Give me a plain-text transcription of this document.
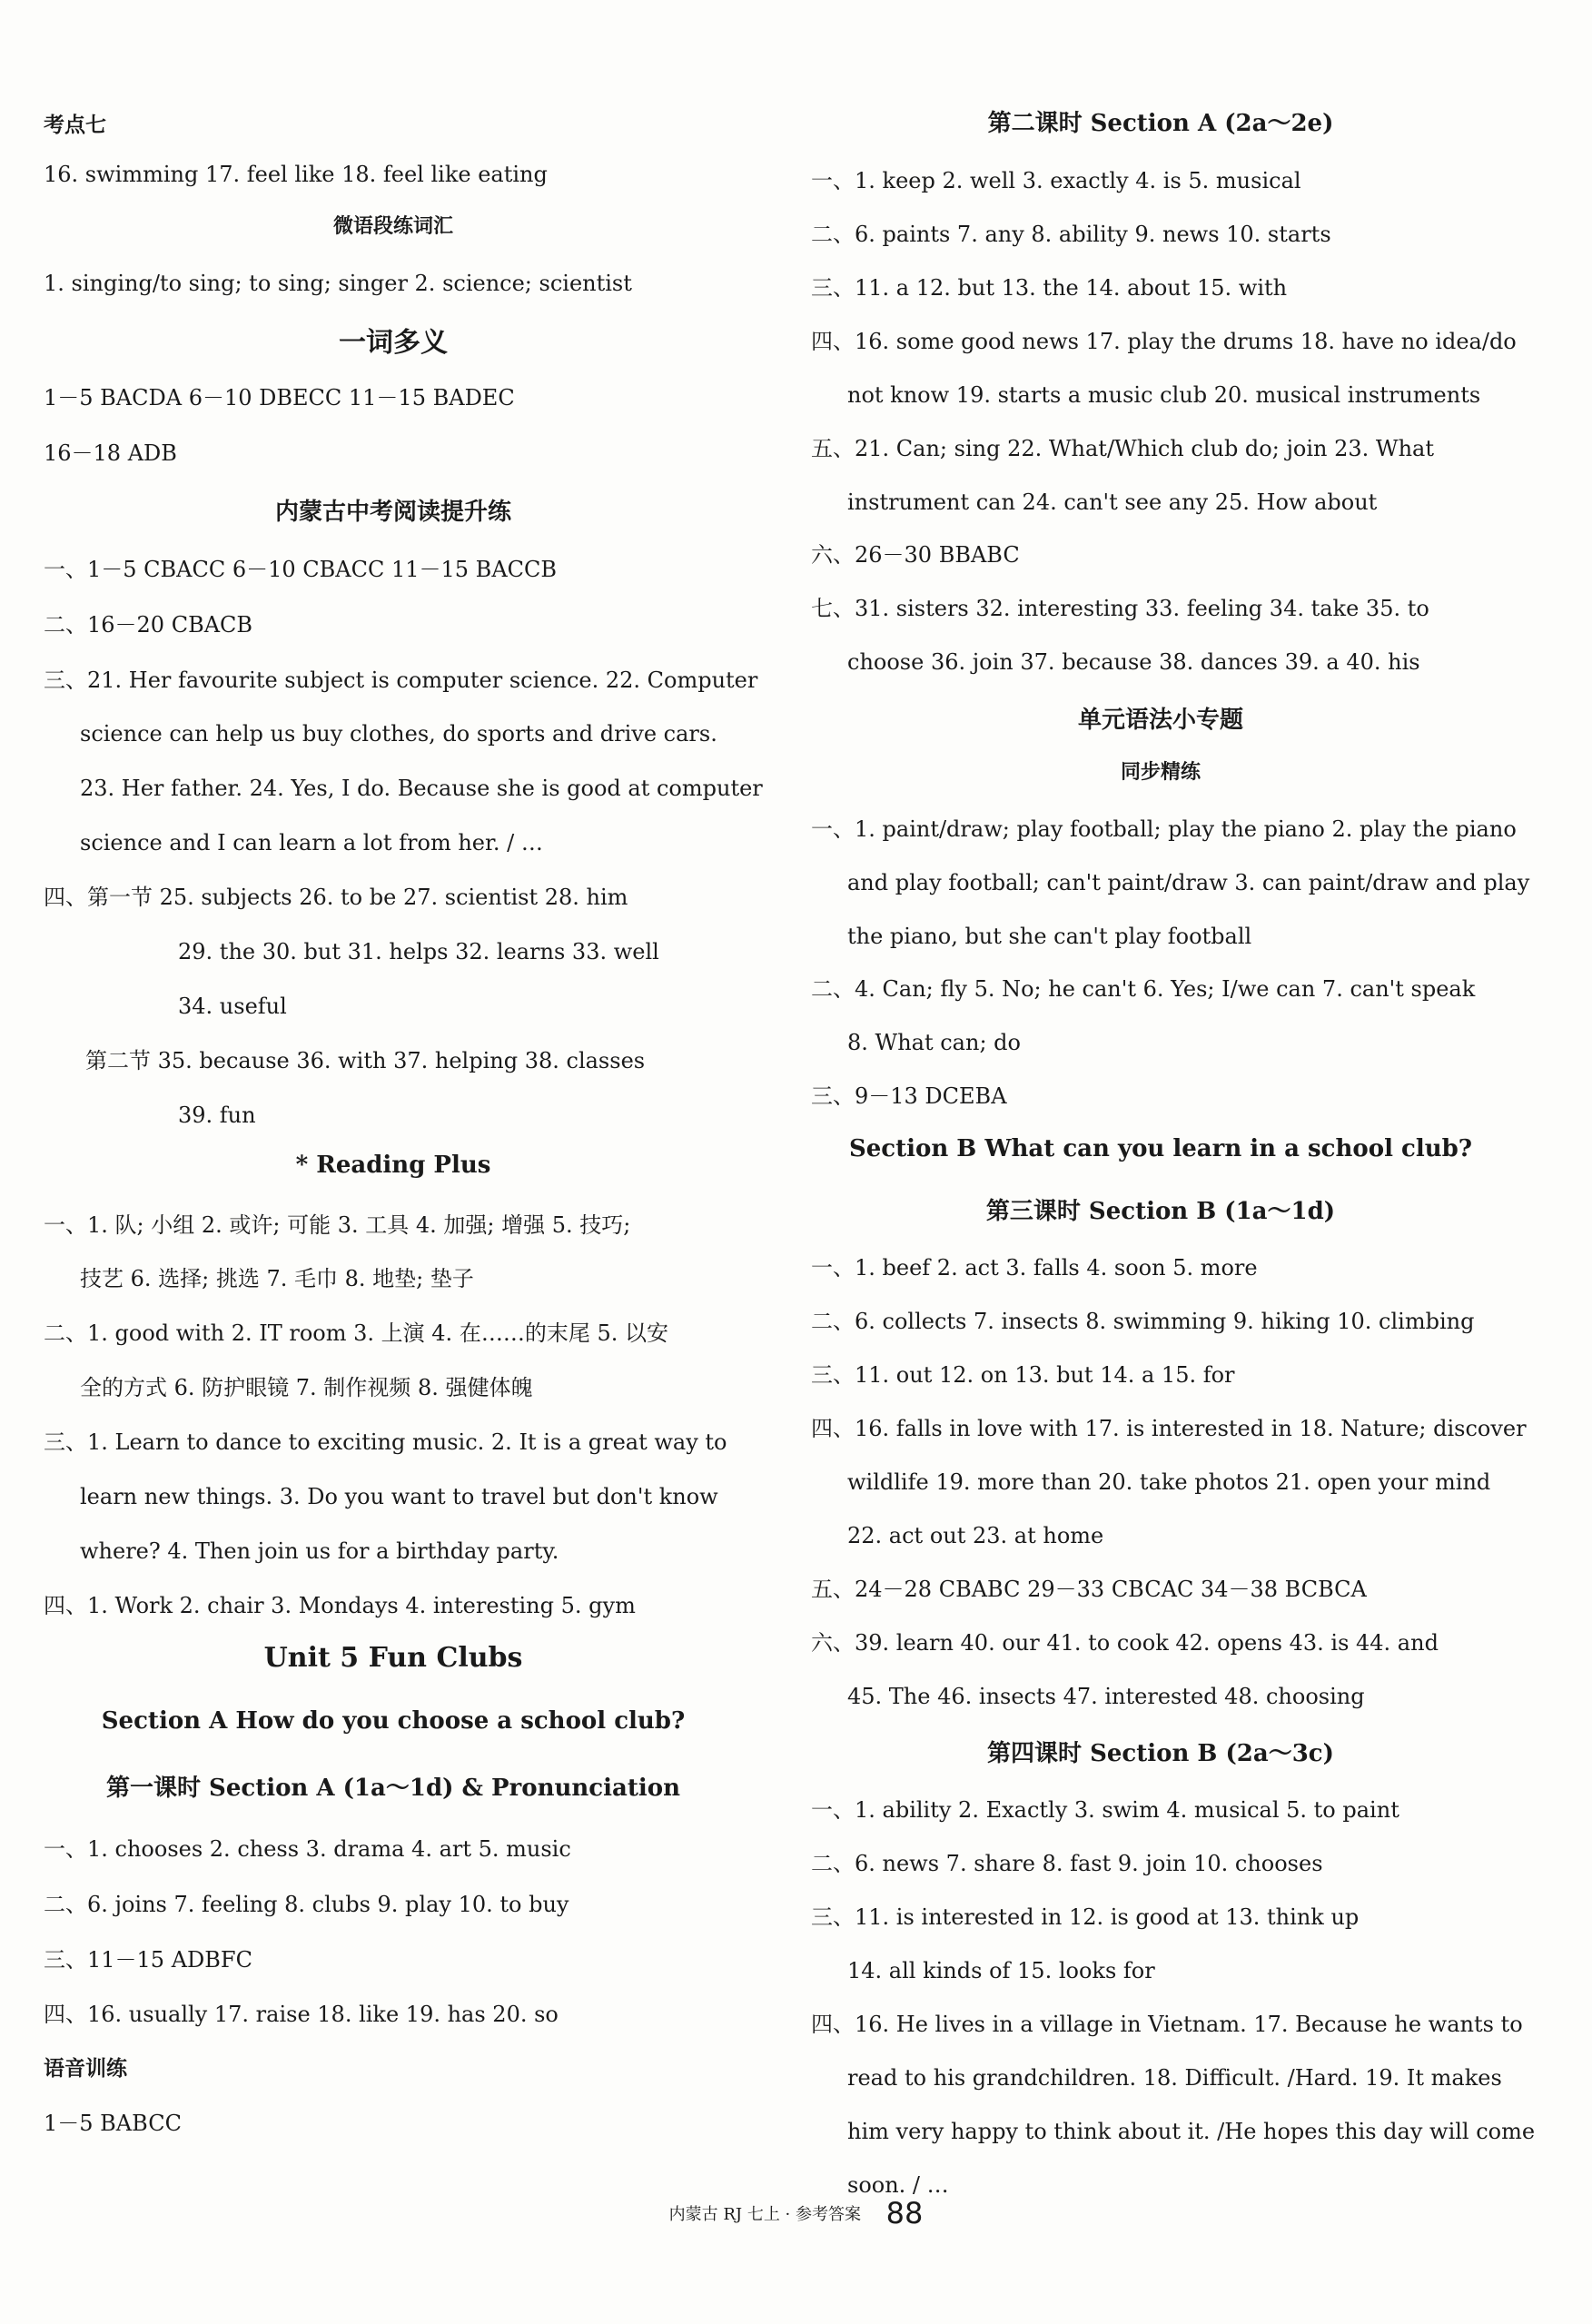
考点七
16. swimming 17. feel like 18. feel like eating
微语段练词汇
1. singing/to sing; to sing; singer 2. science; scientist
一词多义
1－5 BACDA 6－10 DBECC 11－15 BADEC
16－18 ADB
内蒙古中考阅读提升练
一、1－5 CBACC 6－10 CBACC 11－15 BACCB
二、16－20 CBACB
三、21. Her favourite subject is computer science. 22. Computer
science can help us buy clothes, do sports and drive cars.
23. Her father. 24. Yes, I do. Because she is good at computer
science and I can learn a lot from her. / …
四、第一节 25. subjects 26. to be 27. scientist 28. him
29. the 30. but 31. helps 32. learns 33. well
34. useful
第二节 35. because 36. with 37. helping 38. classes
39. fun
* Reading Plus
一、1. 队; 小组 2. 或许; 可能 3. 工具 4. 加强; 增强 5. 技巧;
技艺 6. 选择; 挑选 7. 毛巾 8. 地垫; 垫子
二、1. good with 2. IT room 3. 上演 4. 在……的末尾 5. 以安
全的方式 6. 防护眼镜 7. 制作视频 8. 强健体魄
三、1. Learn to dance to exciting music. 2. It is a great way to
learn new things. 3. Do you want to travel but don't know
where? 4. Then join us for a birthday party.
四、1. Work 2. chair 3. Mondays 4. interesting 5. gym
Unit 5 Fun Clubs
Section A How do you choose a school club?
第一课时 Section A (1a～1d) & Pronunciation
一、1. chooses 2. chess 3. drama 4. art 5. music
二、6. joins 7. feeling 8. clubs 9. play 10. to buy
三、11－15 ADBFC
四、16. usually 17. raise 18. like 19. has 20. so
语音训练
1－5 BABCC
第二课时 Section A (2a～2e)
一、1. keep 2. well 3. exactly 4. is 5. musical
二、6. paints 7. any 8. ability 9. news 10. starts
三、11. a 12. but 13. the 14. about 15. with
四、16. some good news 17. play the drums 18. have no idea/do
not know 19. starts a music club 20. musical instruments
五、21. Can; sing 22. What/Which club do; join 23. What
instrument can 24. can't see any 25. How about
六、26－30 BBABC
七、31. sisters 32. interesting 33. feeling 34. take 35. to
choose 36. join 37. because 38. dances 39. a 40. his
单元语法小专题
同步精练
一、1. paint/draw; play football; play the piano 2. play the piano
and play football; can't paint/draw 3. can paint/draw and play
the piano, but she can't play football
二、4. Can; fly 5. No; he can't 6. Yes; I/we can 7. can't speak
8. What can; do
三、9－13 DCEBA
Section B What can you learn in a school club?
第三课时 Section B (1a～1d)
一、1. beef 2. act 3. falls 4. soon 5. more
二、6. collects 7. insects 8. swimming 9. hiking 10. climbing
三、11. out 12. on 13. but 14. a 15. for
四、16. falls in love with 17. is interested in 18. Nature; discover
wildlife 19. more than 20. take photos 21. open your mind
22. act out 23. at home
五、24－28 CBABC 29－33 CBCAC 34－38 BCBCA
六、39. learn 40. our 41. to cook 42. opens 43. is 44. and
45. The 46. insects 47. interested 48. choosing
第四课时 Section B (2a～3c)
一、1. ability 2. Exactly 3. swim 4. musical 5. to paint
二、6. news 7. share 8. fast 9. join 10. chooses
三、11. is interested in 12. is good at 13. think up
14. all kinds of 15. looks for
四、16. He lives in a village in Vietnam. 17. Because he wants to
read to his grandchildren. 18. Difficult. /Hard. 19. It makes
him very happy to think about it. /He hopes this day will come
soon. / …
内蒙古 RJ 七上 · 参考答案 88
